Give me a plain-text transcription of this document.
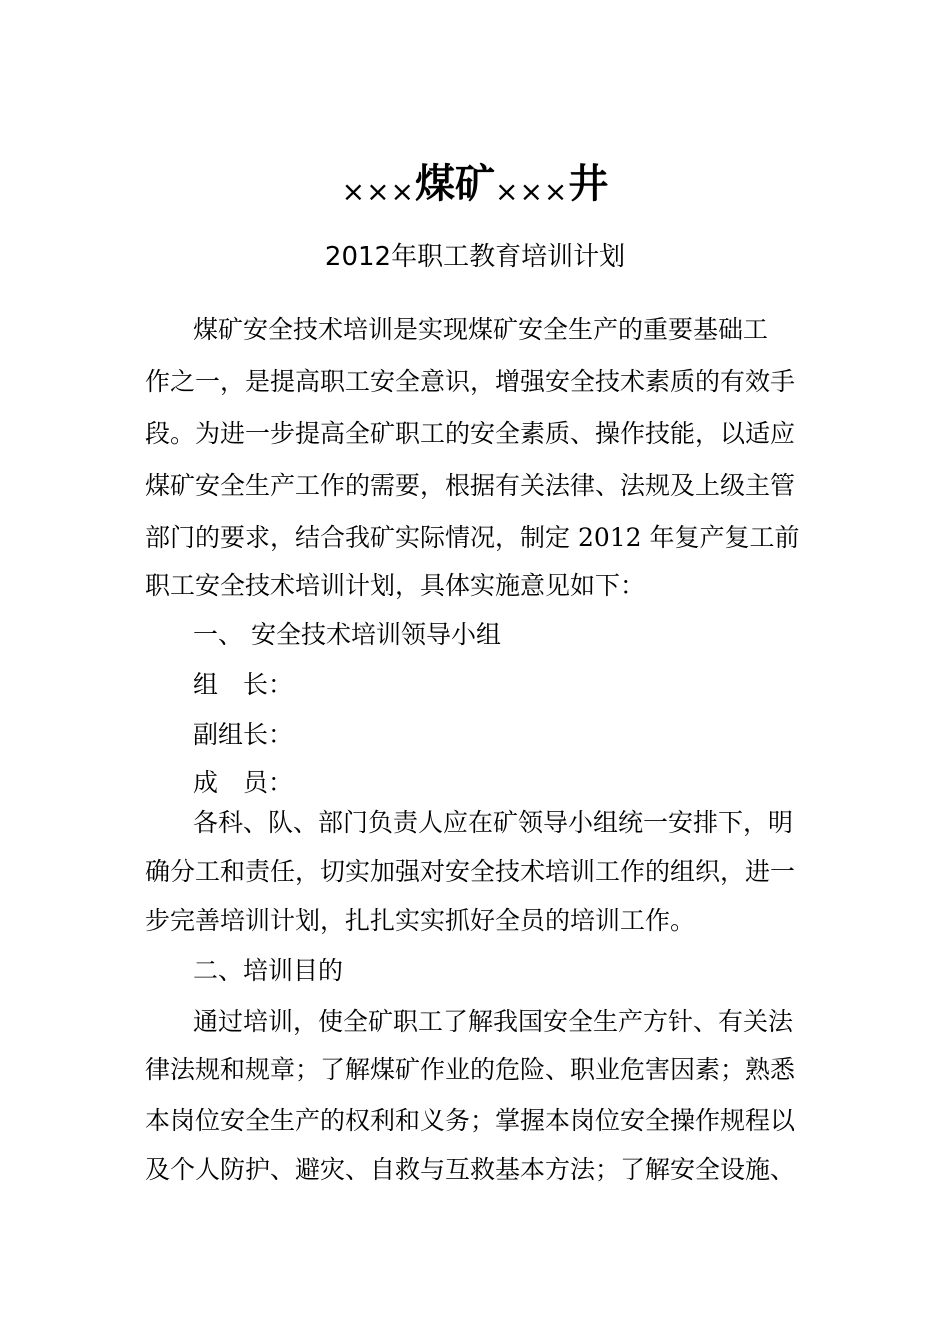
×××煤矿×××井
2012年职工教育培训计划
煤矿安全技术培训是实现煤矿安全生产的重要基础工
作之一，是提高职工安全意识，增强安全技术素质的有效手
段。为进一步提高全矿职工的安全素质、操作技能，以适应
煤矿安全生产工作的需要，根据有关法律、法规及上级主管
部门的要求，结合我矿实际情况，制定 2012 年复产复工前
职工安全技术培训计划，具体实施意见如下：
一、 安全技术培训领导小组
组　长：
副组长：
成　员：
各科、队、部门负责人应在矿领导小组统一安排下，明
确分工和责任，切实加强对安全技术培训工作的组织，进一
步完善培训计划，扎扎实实抓好全员的培训工作。
二、培训目的
通过培训，使全矿职工了解我国安全生产方针、有关法
律法规和规章；了解煤矿作业的危险、职业危害因素；熟悉
本岗位安全生产的权利和义务；掌握本岗位安全操作规程以
及个人防护、避灾、自救与互救基本方法；了解安全设施、
